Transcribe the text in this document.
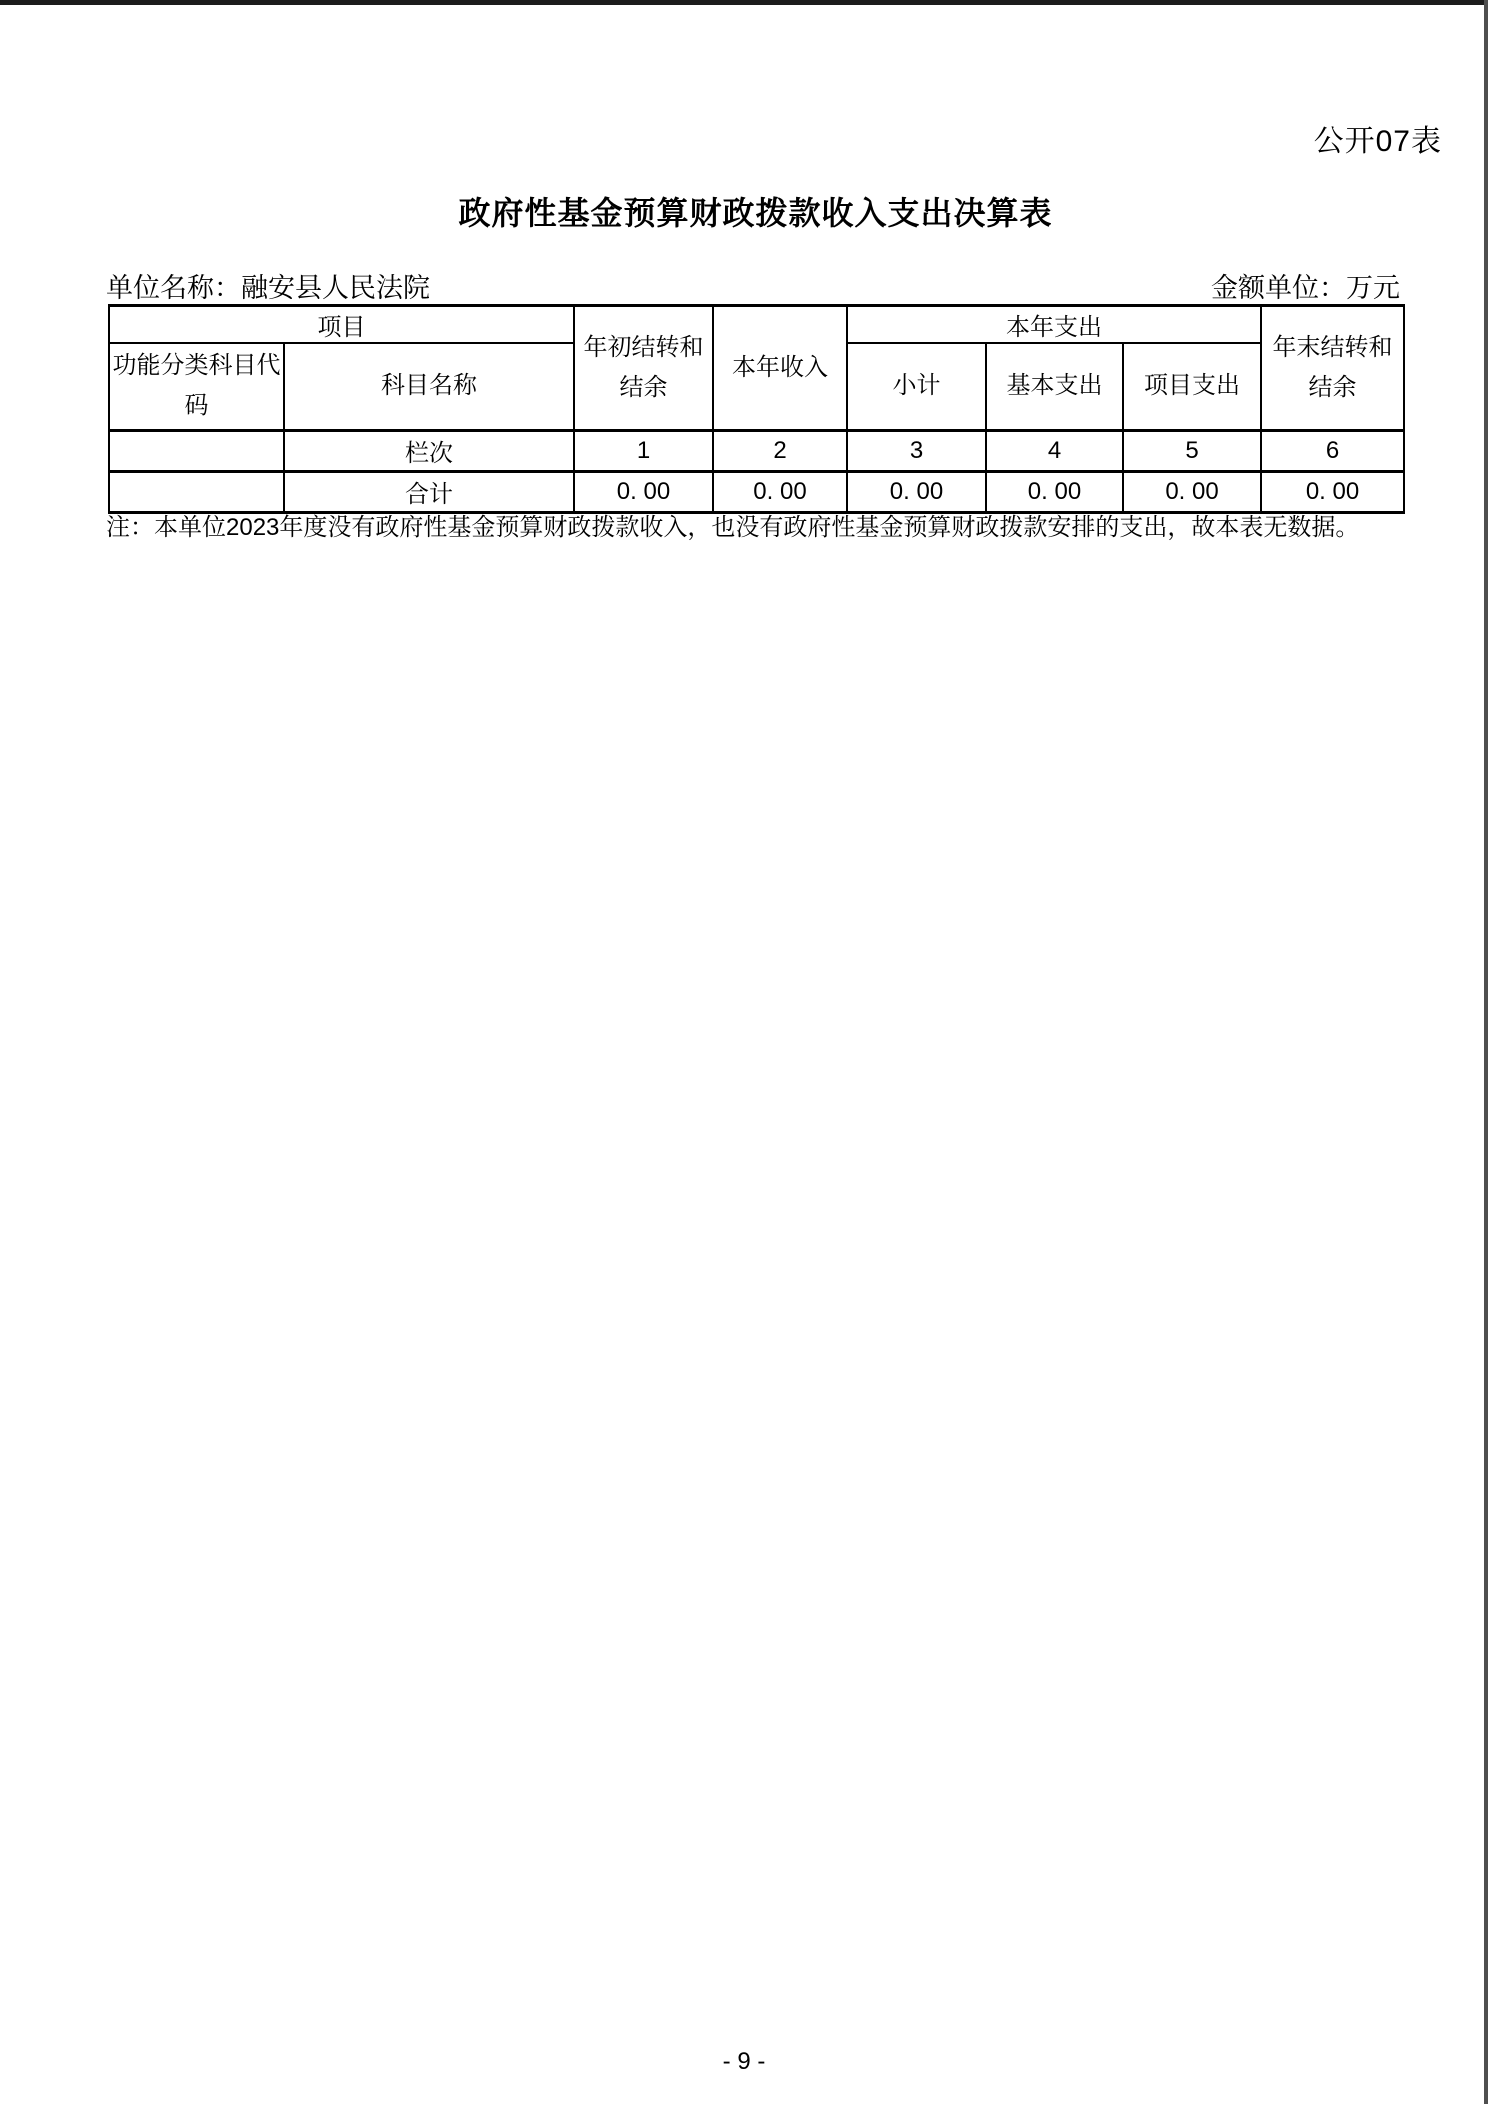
公开07表
政府性基金预算财政拨款收入支出决算表
单位名称：融安县人民法院	金额单位：万元
项目		年初结转和结余	本年收入	本年支出			年末结转和结余
功能分类科目代码	科目名称			小计	基本支出	项目支出	
	栏次	1	2	3	4	5	6
	合计	0. 00	0. 00	0. 00	0. 00	0. 00	0. 00
注：本单位2023年度没有政府性基金预算财政拨款收入，也没有政府性基金预算财政拨款安排的支出，故本表无数据。
- 9 -
